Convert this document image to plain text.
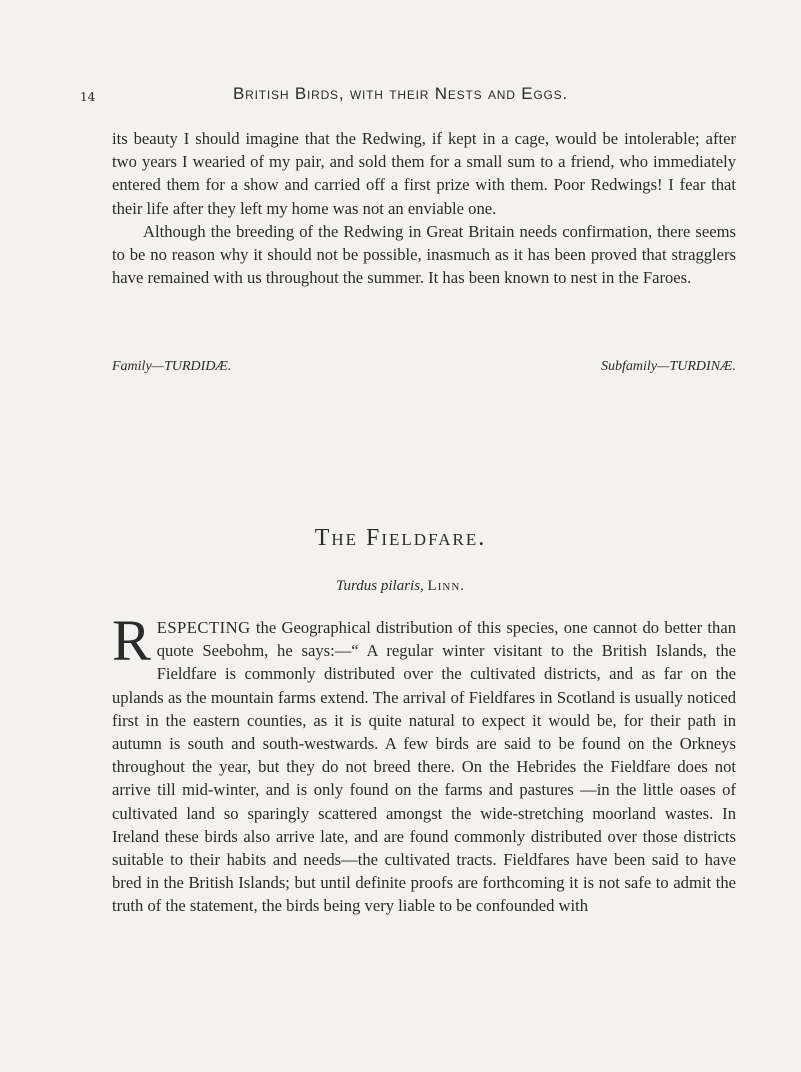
14	British Birds, with their Nests and Eggs.

its beauty I should imagine that the Redwing, if kept in a cage, would be intolerable; after two years I wearied of my pair, and sold them for a small sum to a friend, who immediately entered them for a show and carried off a first prize with them. Poor Redwings! I fear that their life after they left my home was not an enviable one.

Although the breeding of the Redwing in Great Britain needs confirmation, there seems to be no reason why it should not be possible, inasmuch as it has been proved that stragglers have remained with us throughout the summer. It has been known to nest in the Faroes.

Family—TURDIDÆ.	Subfamily—TURDINÆ.
The Fieldfare.
Turdus pilaris, Linn.

RESPECTING the Geographical distribution of this species, one cannot do better than quote Seebohm, he says:—“ A regular winter visitant to the British Islands, the Fieldfare is commonly distributed over the cultivated districts, and as far on the uplands as the mountain farms extend. The arrival of Fieldfares in Scotland is usually noticed first in the eastern counties, as it is quite natural to expect it would be, for their path in autumn is south and south-westwards. A few birds are said to be found on the Orkneys throughout the year, but they do not breed there. On the Hebrides the Fieldfare does not arrive till mid-winter, and is only found on the farms and pastures —in the little oases of cultivated land so sparingly scattered amongst the wide-stretching moorland wastes. In Ireland these birds also arrive late, and are found commonly distributed over those districts suitable to their habits and needs—the cultivated tracts. Fieldfares have been said to have bred in the British Islands; but until definite proofs are forthcoming it is not safe to admit the truth of the statement, the birds being very liable to be confounded with
